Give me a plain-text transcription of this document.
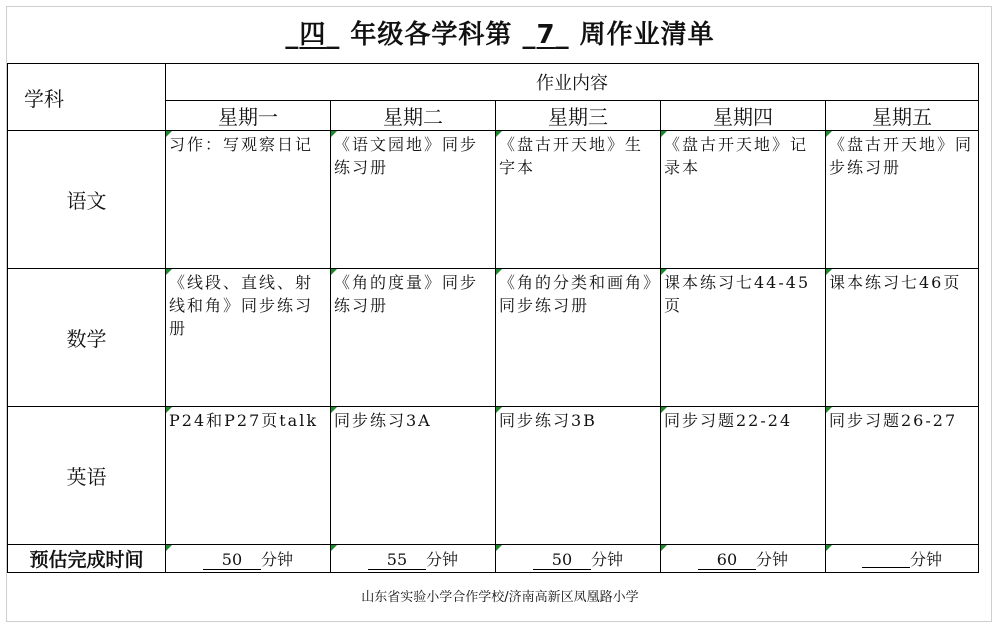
_四_ 年级各学科第 _7_ 周作业清单
学科	作业内容				
	星期一	星期二	星期三	星期四	星期五
语文	习作：写观察日记	《语文园地》同步练习册	《盘古开天地》生字本	《盘古开天地》记录本	《盘古开天地》同步练习册
数学	《线段、直线、射线和角》同步练习册	《角的度量》同步练习册	《角的分类和画角》同步练习册	课本练习七44-45页	课本练习七46页
英语	P24和P27页talk	同步练习3A	同步练习3B	同步习题22-24	同步习题26-27
预估完成时间	50 分钟	55 分钟	50 分钟	60 分钟	分钟
山东省实验小学合作学校/济南高新区凤凰路小学
